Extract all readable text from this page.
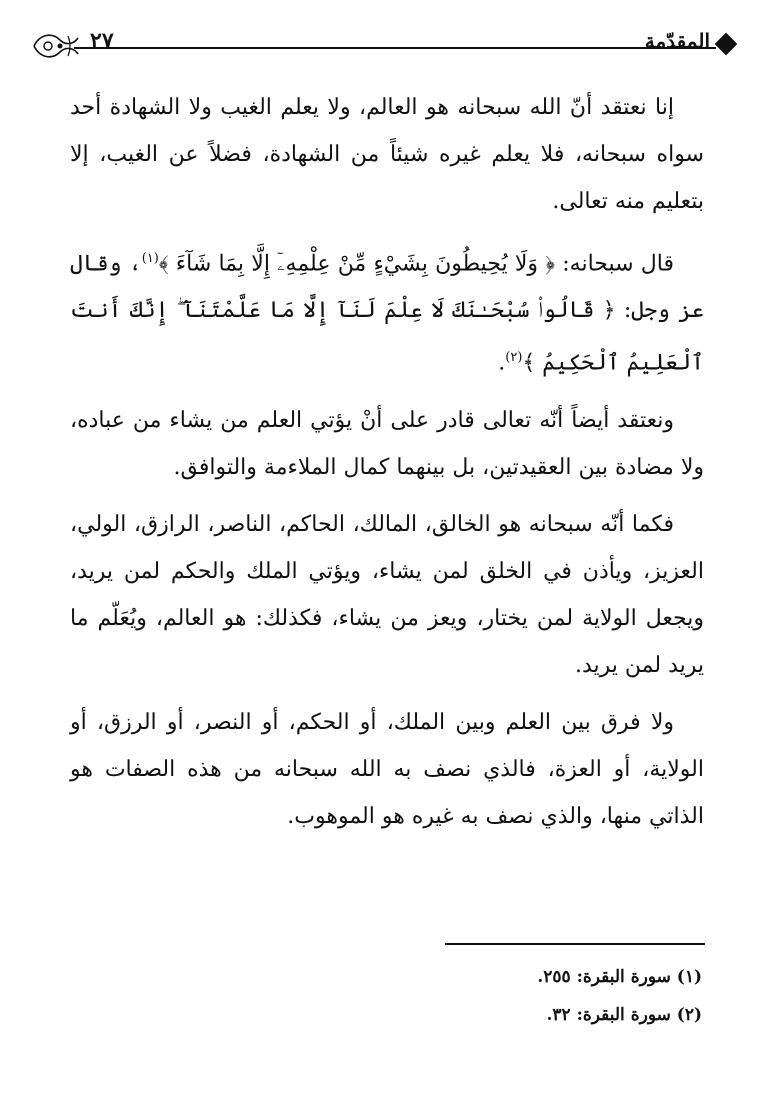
٢٧	المقدّمة

إنا نعتقد أنّ الله سبحانه هو العالم، ولا يعلم الغيب ولا الشهادة أحد سواه سبحانه، فلا يعلم غيره شيئاً من الشهادة، فضلاً عن الغيب، إلا بتعليم منه تعالى.

قال سبحانه: ﴿ وَلَا يُحِيطُونَ بِشَيْءٍ مِّنْ عِلْمِهِۦٓ إِلَّا بِمَا شَآءَ ﴾$^{(١)}$، وقال عز وجل: ﴿ قَالُوا۟ سُبْحَـٰنَكَ لَا عِلْمَ لَنَآ إِلَّا مَا عَلَّمْتَنَآ ۖ إِنَّكَ أَنتَ ٱلْعَلِيمُ ٱلْحَكِيمُ ﴾$^{(٢)}$.

ونعتقد أيضاً أنّه تعالى قادر على أنْ يؤتي العلم من يشاء من عباده، ولا مضادة بين العقيدتين، بل بينهما كمال الملاءمة والتوافق.

فكما أنّه سبحانه هو الخالق، المالك، الحاكم، الناصر، الرازق، الولي، العزيز، ويأذن في الخلق لمن يشاء، ويؤتي الملك والحكم لمن يريد، ويجعل الولاية لمن يختار، ويعز من يشاء، فكذلك: هو العالم، ويُعَلّم ما يريد لمن يريد.

ولا فرق بين العلم وبين الملك، أو الحكم، أو النصر، أو الرزق، أو الولاية، أو العزة، فالذي نصف به الله سبحانه من هذه الصفات هو الذاتي منها، والذي نصف به غيره هو الموهوب.

(١) سورة البقرة: ٢٥٥.
(٢) سورة البقرة: ٣٢.
